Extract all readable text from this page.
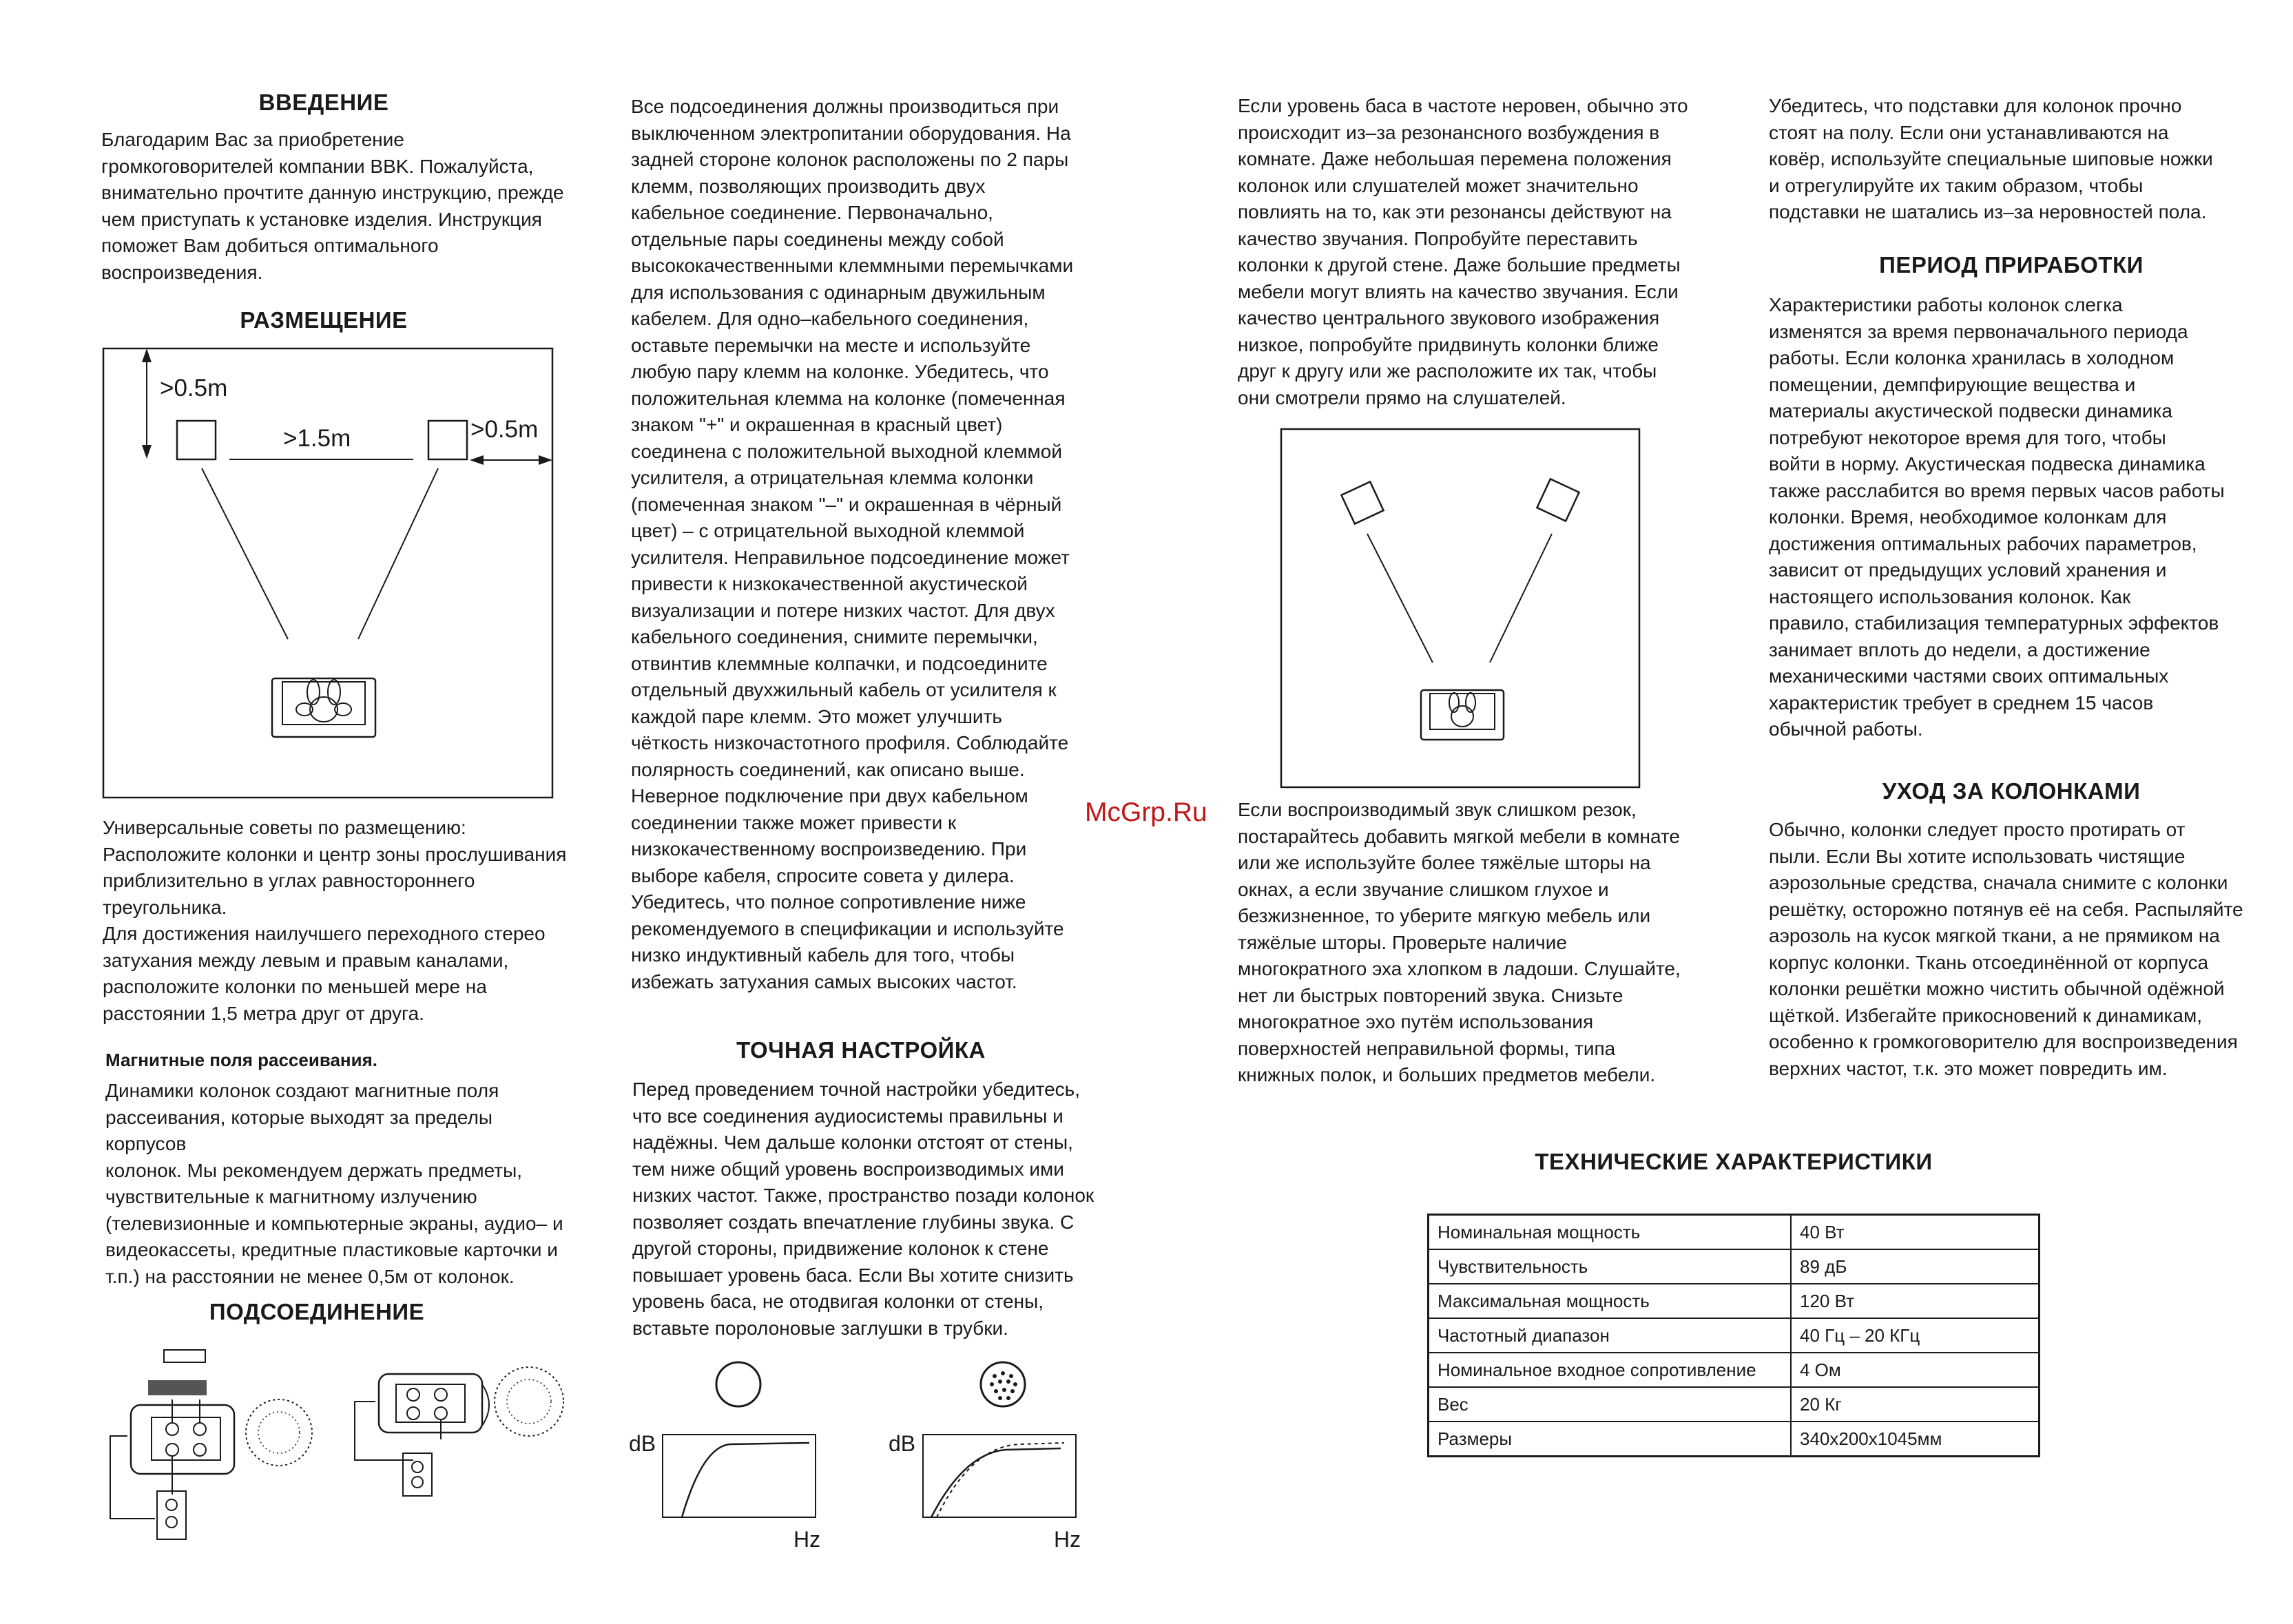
ВВЕДЕНИЕ
Благодарим Вас за приобретение
громкоговорителей компании BBK. Пожалуйста,
внимательно прочтите данную инструкцию, прежде
чем приступать к установке изделия. Инструкция
поможет Вам добиться оптимального
воспроизведения.
РАЗМЕЩЕНИЕ
>0.5m
>1.5m	>0.5m
Универсальные советы по размещению:
Расположите колонки и центр зоны прослушивания
приблизительно в углах равностороннего
треугольника.
Для достижения наилучшего переходного стерео
затухания между левым и правым каналами,
расположите колонки по меньшей мере на
расстоянии 1,5 метра друг от друга.
Магнитные поля рассеивания.
Динамики колонок создают магнитные поля
рассеивания, которые выходят за пределы корпусов
колонок. Мы рекомендуем держать предметы,
чувствительные к магнитному излучению
(телевизионные и компьютерные экраны, аудио– и
видеокассеты, кредитные пластиковые карточки и
т.п.) на расстоянии не менее 0,5м от колонок.
ПОДСОЕДИНЕНИЕ
Все подсоединения должны производиться при
выключенном электропитании оборудования. На
задней стороне колонок расположены по 2 пары
клемм, позволяющих производить двух
кабельное соединение. Первоначально,
отдельные пары соединены между собой
высококачественными клеммными перемычками
для использования с одинарным двужильным
кабелем. Для одно–кабельного соединения,
оставьте перемычки на месте и используйте
любую пару клемм на колонке. Убедитесь, что
положительная клемма на колонке (помеченная
знаком "+" и окрашенная в красный цвет)
соединена с положительной выходной клеммой
усилителя, а отрицательная клемма колонки
(помеченная знаком "–" и окрашенная в чёрный
цвет) – с отрицательной выходной клеммой
усилителя. Неправильное подсоединение может
привести к низкокачественной акустической
визуализации и потере низких частот. Для двух
кабельного соединения, снимите перемычки,
отвинтив клеммные колпачки, и подсоедините
отдельный двухжильный кабель от усилителя к
каждой паре клемм. Это может улучшить
чёткость низкочастотного профиля. Соблюдайте
полярность соединений, как описано выше.
Неверное подключение при двух кабельном
соединении также может привести к
низкокачественному воспроизведению. При
выборе кабеля, спросите совета у дилера.
Убедитесь, что полное сопротивление ниже
рекомендуемого в спецификации и используйте
низко индуктивный кабель для того, чтобы
избежать затухания самых высоких частот.
ТОЧНАЯ НАСТРОЙКА
Перед проведением точной настройки убедитесь,
что все соединения аудиосистемы правильны и
надёжны. Чем дальше колонки отстоят от стены,
тем ниже общий уровень воспроизводимых ими
низких частот. Также, пространство позади колонок
позволяет создать впечатление глубины звука. С
другой стороны, придвижение колонок к стене
повышает уровень баса. Если Вы хотите снизить
уровень баса, не отодвигая колонки от стены,
вставьте поролоновые заглушки в трубки.
dB
Hz
dB
Hz
Если уровень баса в частоте неровен, обычно это
происходит из–за резонансного возбуждения в
комнате. Даже небольшая перемена положения
колонок или слушателей может значительно
повлиять на то, как эти резонансы действуют на
качество звучания. Попробуйте переставить
колонки к другой стене. Даже большие предметы
мебели могут влиять на качество звучания. Если
качество центрального звукового изображения
низкое, попробуйте придвинуть колонки ближе
друг к другу или же расположите их так, чтобы
они смотрели прямо на слушателей.
McGrp.Ru Если воспроизводимый звук слишком резок,
постарайтесь добавить мягкой мебели в комнате
или же используйте более тяжёлые шторы на
окнах, а если звучание слишком глухое и
безжизненное, то уберите мягкую мебель или
тяжёлые шторы. Проверьте наличие
многократного эха хлопком в ладоши. Слушайте,
нет ли быстрых повторений звука. Снизьте
многократное эхо путём использования
поверхностей неправильной формы, типа
книжных полок, и больших предметов мебели.
Убедитесь, что подставки для колонок прочно
стоят на полу. Если они устанавливаются на
ковёр, используйте специальные шиповые ножки
и отрегулируйте их таким образом, чтобы
подставки не шатались из–за неровностей пола.
ПЕРИОД ПРИРАБОТКИ
Характеристики работы колонок слегка
изменятся за время первоначального периода
работы. Если колонка хранилась в холодном
помещении, демпфирующие вещества и
материалы акустической подвески динамика
потребуют некоторое время для того, чтобы
войти в норму. Акустическая подвеска динамика
также расслабится во время первых часов работы
колонки. Время, необходимое колонкам для
достижения оптимальных рабочих параметров,
зависит от предыдущих условий хранения и
настоящего использования колонок. Как
правило, стабилизация температурных эффектов
занимает вплоть до недели, а достижение
механическими частями своих оптимальных
характеристик требует в среднем 15 часов
обычной работы.
УХОД ЗА КОЛОНКАМИ
Обычно, колонки следует просто протирать от
пыли. Если Вы хотите использовать чистящие
аэрозольные средства, сначала снимите с колонки
решётку, осторожно потянув её на себя. Распыляйте
аэрозоль на кусок мягкой ткани, а не прямиком на
корпус колонки. Ткань отсоединённой от корпуса
колонки решётки можно чистить обычной одёжной
щёткой. Избегайте прикосновений к динамикам,
особенно к громкоговорителю для воспроизведения
верхних частот, т.к. это может повредить им.
ТЕХНИЧЕСКИЕ ХАРАКТЕРИСТИКИ
Номинальная мощность	40 Вт
Чувствительность	89 дБ
Максимальная мощность	120 Вт
Частотный диапазон	40 Гц – 20 КГц
Номинальное входное сопротивление	4 Ом
Вес	20 Кг
Размеры	340х200х1045мм
